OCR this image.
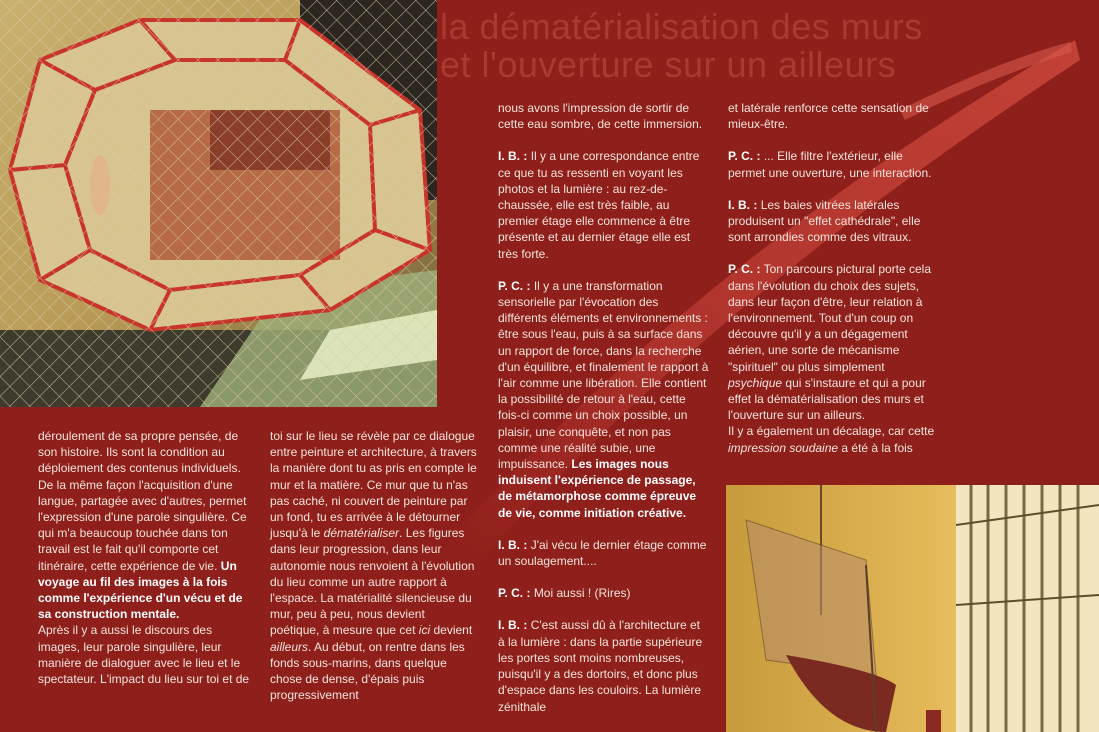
la dématérialisation des murs
et l'ouverture sur un ailleurs

déroulement de sa propre pensée, de son histoire. Ils sont la condition au déploiement des contenus individuels. De la même façon l'acquisition d'une langue, partagée avec d'autres, permet l'expression d'une parole singulière. Ce qui m'a beaucoup touchée dans ton travail est le fait qu'il comporte cet itinéraire, cette expérience de vie. Un voyage au fil des images à la fois comme l'expérience d'un vécu et de sa construction mentale.

Après il y a aussi le discours des images, leur parole singulière, leur manière de dialoguer avec le lieu et le spectateur. L'impact du lieu sur toi et de

toi sur le lieu se révèle par ce dialogue entre peinture et architecture, à travers la manière dont tu as pris en compte le mur et la matière. Ce mur que tu n'as pas caché, ni couvert de peinture par un fond, tu es arrivée à le détourner jusqu'à le dématérialiser. Les figures dans leur progression, dans leur autonomie nous renvoient à l'évolution du lieu comme un autre rapport à l'espace. La matérialité silencieuse du mur, peu à peu, nous devient poétique, à mesure que cet ici devient ailleurs. Au début, on rentre dans les fonds sous-marins, dans quelque chose de dense, d'épais puis progressivement

nous avons l'impression de sortir de cette eau sombre, de cette immersion.

I. B. : Il y a une correspondance entre ce que tu as ressenti en voyant les photos et la lumière : au rez-de-chaussée, elle est très faible, au premier étage elle commence à être présente et au dernier étage elle est très forte.

P. C. : Il y a une transformation sensorielle par l'évocation des différents éléments et environnements : être sous l'eau, puis à sa surface dans un rapport de force, dans la recherche d'un équilibre, et finalement le rapport à l'air comme une libération. Elle contient la possibilité de retour à l'eau, cette fois-ci comme un choix possible, un plaisir, une conquête, et non pas comme une réalité subie, une impuissance. Les images nous induisent l'expérience de passage, de métamorphose comme épreuve de vie, comme initiation créative.

I. B. : J'ai vécu le dernier étage comme un soulagement....

P. C. : Moi aussi ! (Rires)

I. B. : C'est aussi dû à l'architecture et à la lumière : dans la partie supérieure les portes sont moins nombreuses, puisqu'il y a des dortoirs, et donc plus d'espace dans les couloirs. La lumière zénithale

et latérale renforce cette sensation de mieux-être.

P. C. : ... Elle filtre l'extérieur, elle permet une ouverture, une interaction.

I. B. : Les baies vitrées latérales produisent un "effet cathédrale", elle sont arrondies comme des vitraux.

P. C. : Ton parcours pictural porte cela dans l'évolution du choix des sujets, dans leur façon d'être, leur relation à l'environnement. Tout d'un coup on découvre qu'il y a un dégagement aérien, une sorte de mécanisme "spirituel" ou plus simplement psychique qui s'instaure et qui a pour effet la dématérialisation des murs et l'ouverture sur un ailleurs.

Il y a également un décalage, car cette impression soudaine a été à la fois
